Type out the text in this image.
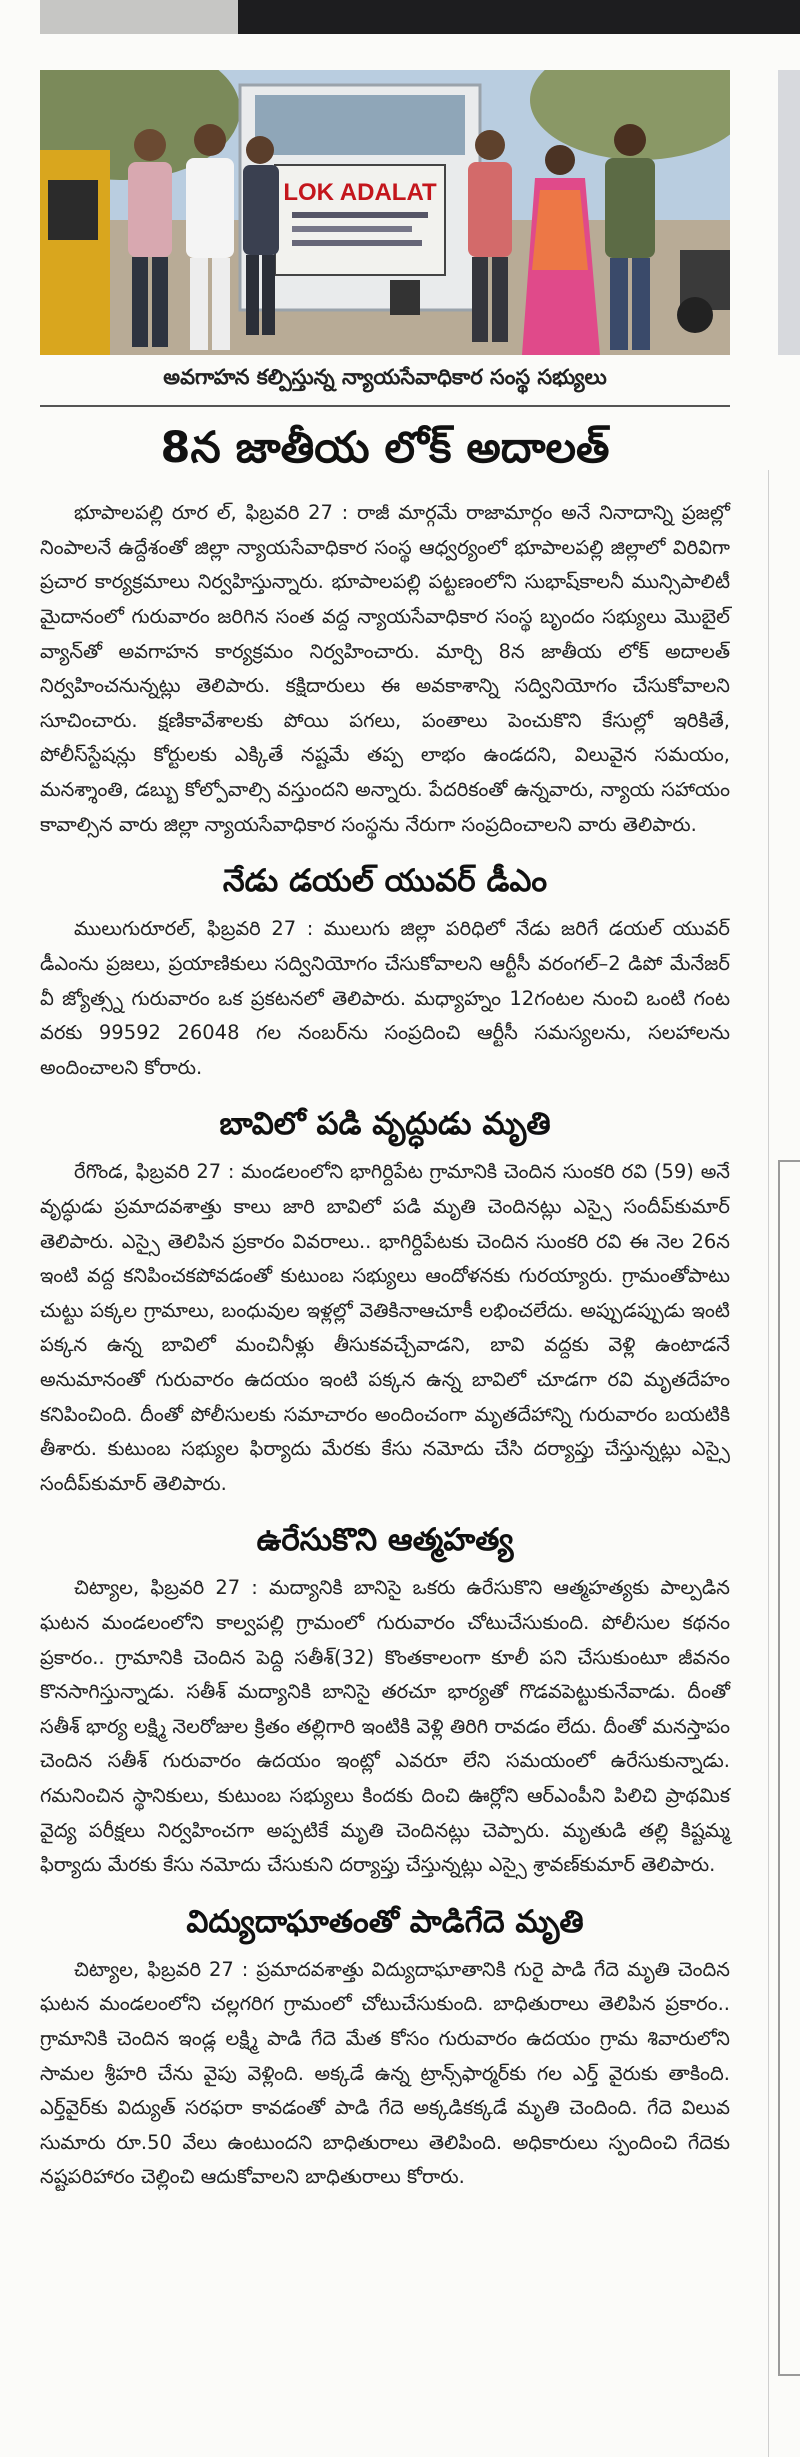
LOK ADALAT
అవగాహన కల్పిస్తున్న న్యాయసేవాధికార సంస్థ సభ్యులు
8న జాతీయ లోక్ అదాలత్

భూపాలపల్లి రూర ల్, ఫిబ్రవరి 27 : రాజీ మార్గమే రాజామార్గం అనే నినాదాన్ని ప్రజల్లో నింపాలనే ఉద్దేశంతో జిల్లా న్యాయసేవాధికార సంస్థ ఆధ్వర్యంలో భూపాలపల్లి జిల్లాలో విరివిగా ప్రచార కార్యక్రమాలు నిర్వహిస్తున్నారు. భూపాలపల్లి పట్టణంలోని సుభాష్‌కాలనీ మున్సిపాలిటీ మైదానంలో గురువారం జరిగిన సంత వద్ద న్యాయసేవాధికార సంస్థ బృందం సభ్యులు మొబైల్ వ్యాన్‌తో అవగాహన కార్యక్రమం నిర్వహించారు. మార్చి 8న జాతీయ లోక్ అదాలత్ నిర్వహించనున్నట్లు తెలిపారు. కక్షిదారులు ఈ అవకాశాన్ని సద్వినియోగం చేసుకోవాలని సూచించారు. క్షణికావేశాలకు పోయి పగలు, పంతాలు పెంచుకొని కేసుల్లో ఇరికితే, పోలీస్‌స్టేషన్లు కోర్టులకు ఎక్కితే నష్టమే తప్ప లాభం ఉండదని, విలువైన సమయం, మనశ్శాంతి, డబ్బు కోల్పోవాల్సి వస్తుందని అన్నారు. పేదరికంతో ఉన్నవారు, న్యాయ సహాయం కావాల్సిన వారు జిల్లా న్యాయసేవాధికార సంస్థను నేరుగా సంప్రదించాలని వారు తెలిపారు.

నేడు డయల్ యువర్ డీఎం

ములుగురూరల్, ఫిబ్రవరి 27 : ములుగు జిల్లా పరిధిలో నేడు జరిగే డయల్ యువర్ డీఎంను ప్రజలు, ప్రయాణికులు సద్వినియోగం చేసుకోవాలని ఆర్టీసీ వరంగల్–2 డిపో మేనేజర్ వీ జ్యోత్స్న గురువారం ఒక ప్రకటనలో తెలిపారు. మధ్యాహ్నం 12గంటల నుంచి ఒంటి గంట వరకు 99592 26048 గల నంబర్‌ను సంప్రదించి ఆర్టీసీ సమస్యలను, సలహాలను అందించాలని కోరారు.

బావిలో పడి వృద్ధుడు మృతి

రేగొండ, ఫిబ్రవరి 27 : మండలంలోని భాగిర్దిపేట గ్రామానికి చెందిన సుంకరి రవి (59) అనే వృద్ధుడు ప్రమాదవశాత్తు కాలు జారి బావిలో పడి మృతి చెందినట్లు ఎస్సై సందీప్‌కుమార్ తెలిపారు. ఎస్సై తెలిపిన ప్రకారం వివరాలు.. భాగిర్దిపేటకు చెందిన సుంకరి రవి ఈ నెల 26న ఇంటి వద్ద కనిపించకపోవడంతో కుటుంబ సభ్యులు ఆందోళనకు గురయ్యారు. గ్రామంతోపాటు చుట్టు పక్కల గ్రామాలు, బంధువుల ఇళ్లల్లో వెతికినాఆచూకీ లభించలేదు. అప్పుడప్పుడు ఇంటి పక్కన ఉన్న బావిలో మంచినీళ్లు తీసుకవచ్చేవాడని, బావి వద్దకు వెళ్లి ఉంటాడనే అనుమానంతో గురువారం ఉదయం ఇంటి పక్కన ఉన్న బావిలో చూడగా రవి మృతదేహం కనిపించింది. దీంతో పోలీసులకు సమాచారం అందించంగా మృతదేహాన్ని గురువారం బయటికి తీశారు. కుటుంబ సభ్యుల ఫిర్యాదు మేరకు కేసు నమోదు చేసి దర్యాప్తు చేస్తున్నట్లు ఎస్సై సందీప్‌కుమార్ తెలిపారు.

ఉరేసుకొని ఆత్మహత్య

చిట్యాల, ఫిబ్రవరి 27 : మద్యానికి బానిసై ఒకరు ఉరేసుకొని ఆత్మహత్యకు పాల్పడిన ఘటన మండలంలోని కాల్వపల్లి గ్రామంలో గురువారం చోటుచేసుకుంది. పోలీసుల కథనం ప్రకారం.. గ్రామానికి చెందిన పెద్ది సతీశ్(32) కొంతకాలంగా కూలీ పని చేసుకుంటూ జీవనం కొనసాగిస్తున్నాడు. సతీశ్ మద్యానికి బానిసై తరచూ భార్యతో గొడవపెట్టుకునేవాడు. దీంతో సతీశ్ భార్య లక్ష్మి నెలరోజుల క్రితం తల్లిగారి ఇంటికి వెళ్లి తిరిగి రావడం లేదు. దీంతో మనస్తాపం చెందిన సతీశ్ గురువారం ఉదయం ఇంట్లో ఎవరూ లేని సమయంలో ఉరేసుకున్నాడు. గమనించిన స్థానికులు, కుటుంబ సభ్యులు కిందకు దించి ఊర్లోని ఆర్ఎంపీని పిలిచి ప్రాథమిక వైద్య పరీక్షలు నిర్వహించగా అప్పటికే మృతి చెందినట్లు చెప్పారు. మృతుడి తల్లి కిష్టమ్మ ఫిర్యాదు మేరకు కేసు నమోదు చేసుకుని దర్యాప్తు చేస్తున్నట్లు ఎస్సై శ్రావణ్‌కుమార్ తెలిపారు.

విద్యుదాఘాతంతో పాడిగేదె మృతి

చిట్యాల, ఫిబ్రవరి 27 : ప్రమాదవశాత్తు విద్యుదాఘాతానికి గురై పాడి గేదె మృతి చెందిన ఘటన మండలంలోని చల్లగరిగ గ్రామంలో చోటుచేసుకుంది. బాధితురాలు తెలిపిన ప్రకారం.. గ్రామానికి చెందిన ఇండ్ల లక్ష్మి పాడి గేదె మేత కోసం గురువారం ఉదయం గ్రామ శివారులోని సామల శ్రీహరి చేను వైపు వెళ్లింది. అక్కడే ఉన్న ట్రాన్స్‌ఫార్మర్‌కు గల ఎర్త్ వైరుకు తాకింది. ఎర్త్‌వైర్‌కు విద్యుత్ సరఫరా కావడంతో పాడి గేదె అక్కడికక్కడే మృతి చెందింది. గేదె విలువ సుమారు రూ.50 వేలు ఉంటుందని బాధితురాలు తెలిపింది. అధికారులు స్పందించి గేదెకు నష్టపరిహారం చెల్లించి ఆదుకోవాలని బాధితురాలు కోరారు.
